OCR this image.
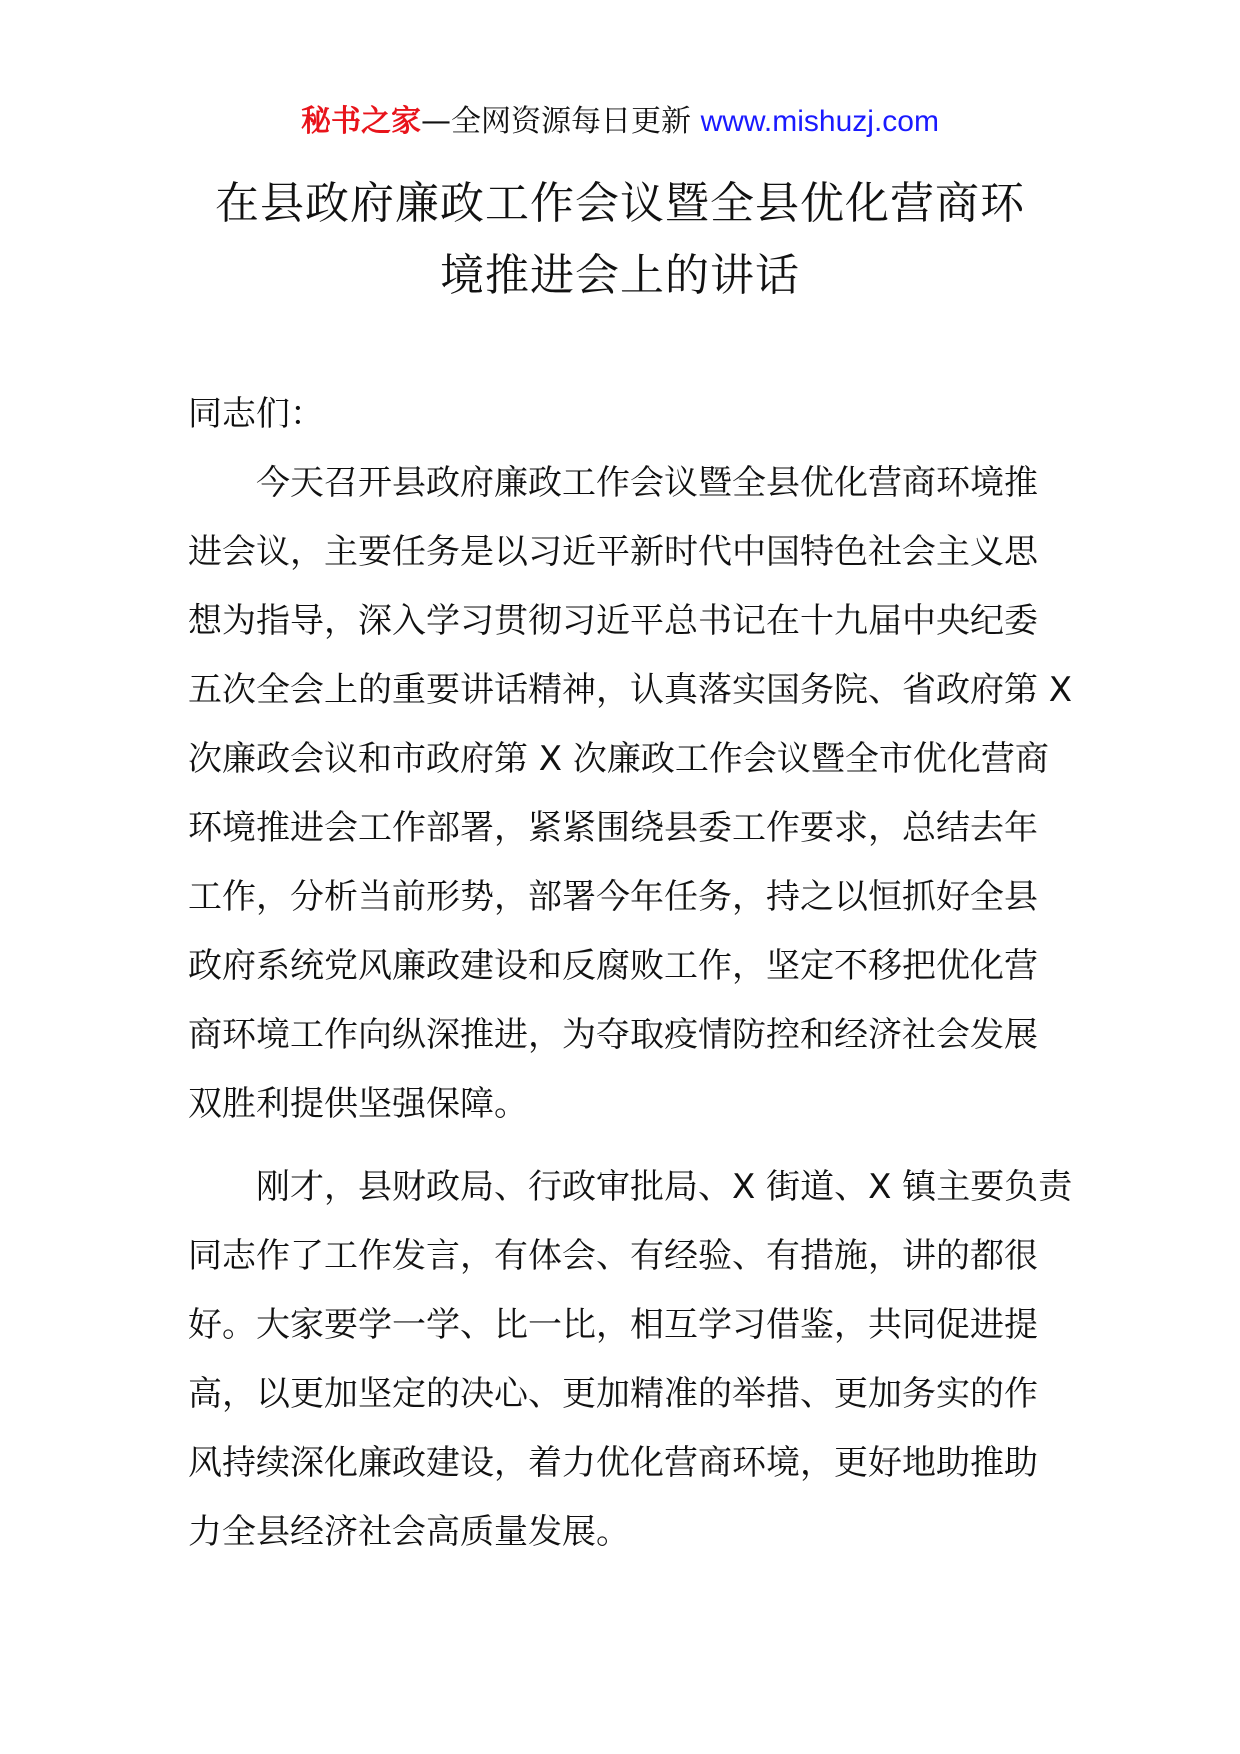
秘书之家—全网资源每日更新 www.mishuzj.com
在县政府廉政工作会议暨全县优化营商环
境推进会上的讲话

同志们：

今天召开县政府廉政工作会议暨全县优化营商环境推
进会议，主要任务是以习近平新时代中国特色社会主义思
想为指导，深入学习贯彻习近平总书记在十九届中央纪委
五次全会上的重要讲话精神，认真落实国务院、省政府第 X
次廉政会议和市政府第 X 次廉政工作会议暨全市优化营商
环境推进会工作部署，紧紧围绕县委工作要求，总结去年
工作，分析当前形势，部署今年任务，持之以恒抓好全县
政府系统党风廉政建设和反腐败工作，坚定不移把优化营
商环境工作向纵深推进，为夺取疫情防控和经济社会发展
双胜利提供坚强保障。
刚才，县财政局、行政审批局、X 街道、X 镇主要负责
同志作了工作发言，有体会、有经验、有措施，讲的都很
好。大家要学一学、比一比，相互学习借鉴，共同促进提
高，以更加坚定的决心、更加精准的举措、更加务实的作
风持续深化廉政建设，着力优化营商环境，更好地助推助
力全县经济社会高质量发展。
